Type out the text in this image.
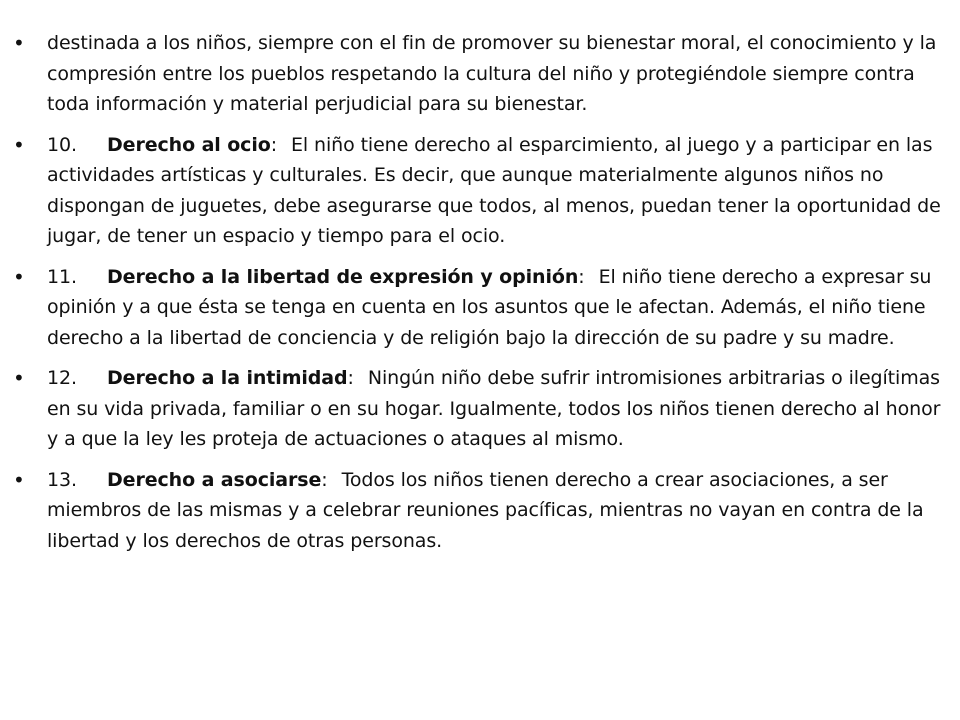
•	destinada a los niños, siempre con el fin de promover su bienestar moral, el conocimiento y la compresión entre los pueblos respetando la cultura del niño y protegiéndole siempre contra toda información y material perjudicial para su bienestar.
•	10. Derecho al ocio: El niño tiene derecho al esparcimiento, al juego y a participar en las actividades artísticas y culturales. Es decir, que aunque materialmente algunos niños no dispongan de juguetes, debe asegurarse que todos, al menos, puedan tener la oportunidad de jugar, de tener un espacio y tiempo para el ocio.
•	11. Derecho a la libertad de expresión y opinión: El niño tiene derecho a expresar su opinión y a que ésta se tenga en cuenta en los asuntos que le afectan. Además, el niño tiene derecho a la libertad de conciencia y de religión bajo la dirección de su padre y su madre.
•	12. Derecho a la intimidad: Ningún niño debe sufrir intromisiones arbitrarias o ilegítimas en su vida privada, familiar o en su hogar. Igualmente, todos los niños tienen derecho al honor y a que la ley les proteja de actuaciones o ataques al mismo.
•	13. Derecho a asociarse: Todos los niños tienen derecho a crear asociaciones, a ser miembros de las mismas y a celebrar reuniones pacíficas, mientras no vayan en contra de la libertad y los derechos de otras personas.
